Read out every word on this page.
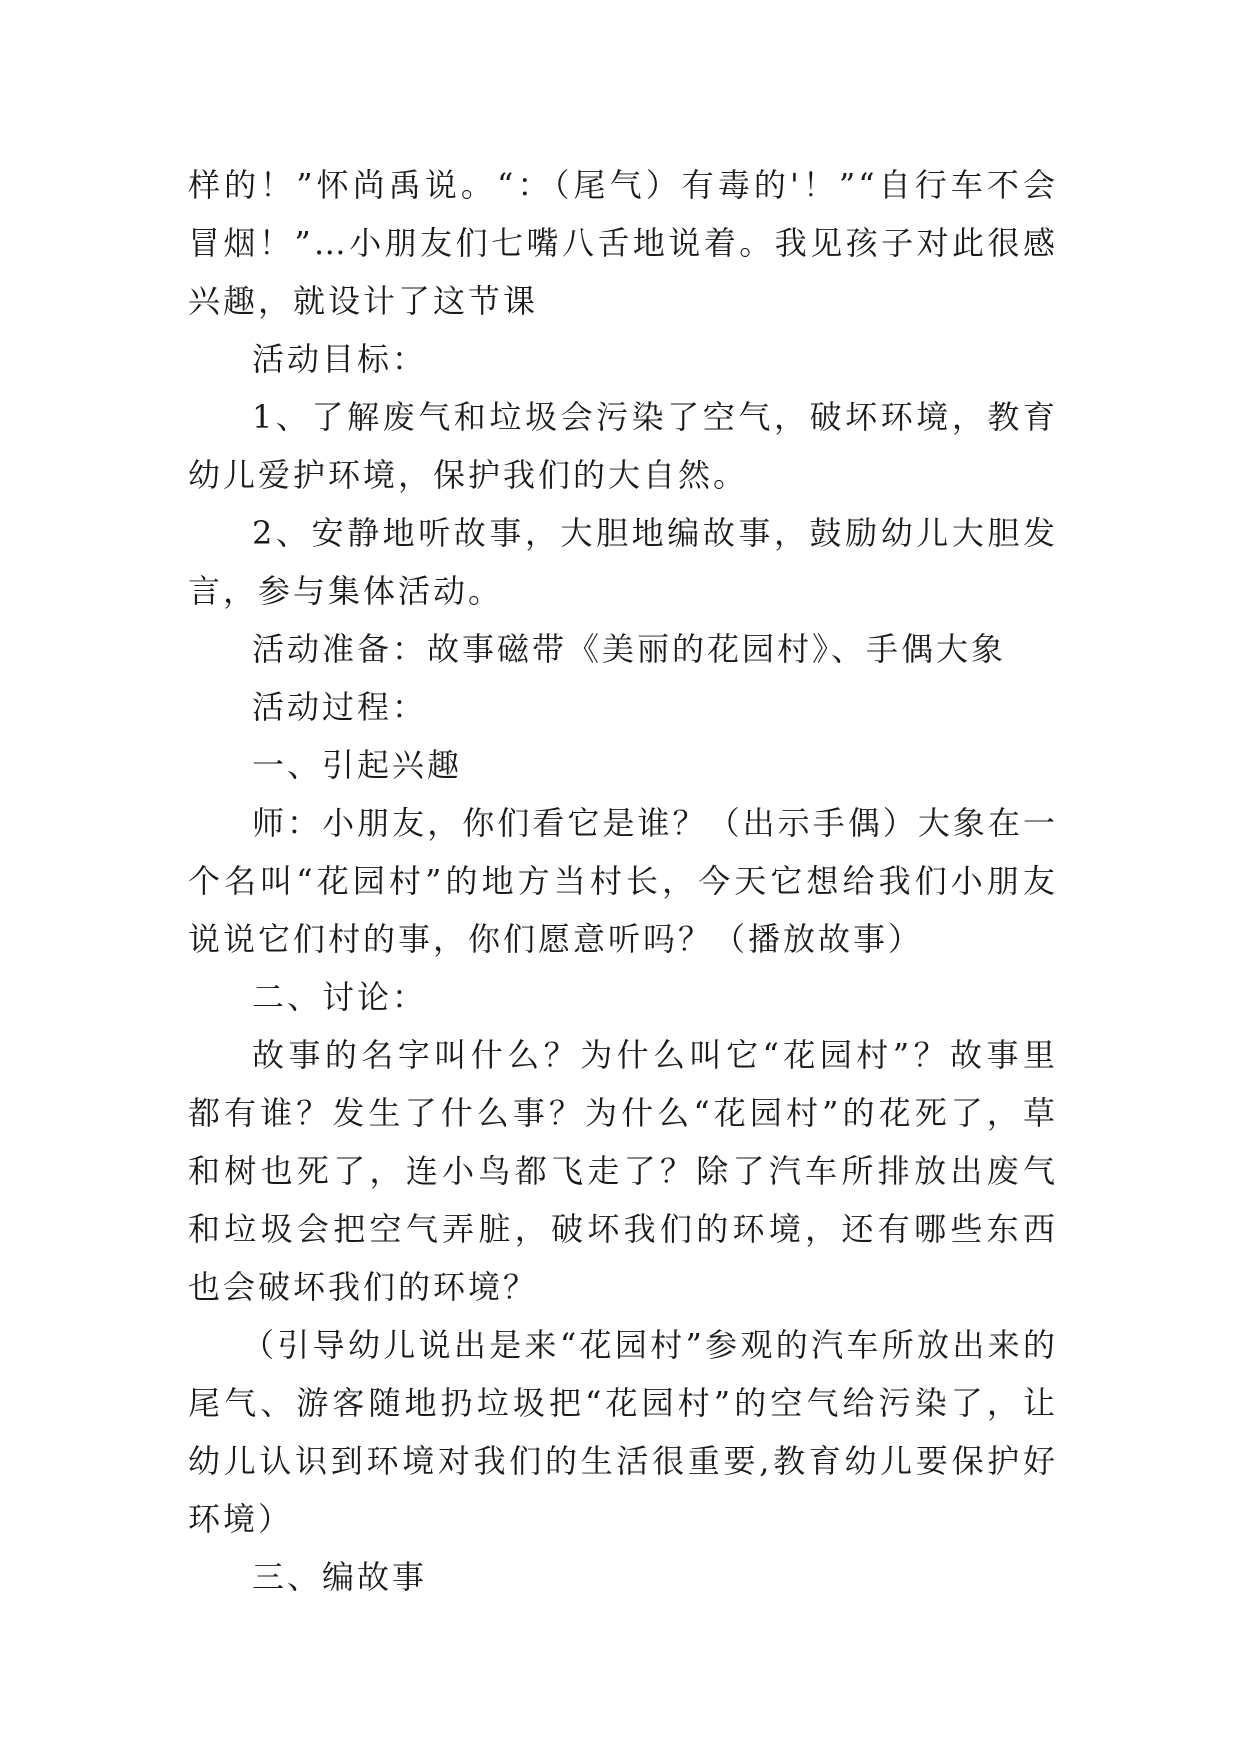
样的！”怀尚禹说。“：（尾气）有毒的'！”“自行车不会冒烟！”…小朋友们七嘴八舌地说着。我见孩子对此很感兴趣，就设计了这节课

活动目标：

1、了解废气和垃圾会污染了空气，破坏环境，教育幼儿爱护环境，保护我们的大自然。

2、安静地听故事，大胆地编故事，鼓励幼儿大胆发言，参与集体活动。

活动准备：故事磁带《美丽的花园村》、手偶大象

活动过程：

一、引起兴趣

师：小朋友，你们看它是谁？（出示手偶）大象在一个名叫“花园村”的地方当村长，今天它想给我们小朋友说说它们村的事，你们愿意听吗？（播放故事）

二、讨论：

故事的名字叫什么？为什么叫它“花园村”？故事里都有谁？发生了什么事？为什么“花园村”的花死了，草和树也死了，连小鸟都飞走了？除了汽车所排放出废气和垃圾会把空气弄脏，破坏我们的环境，还有哪些东西也会破坏我们的环境？

（引导幼儿说出是来“花园村”参观的汽车所放出来的尾气、游客随地扔垃圾把“花园村”的空气给污染了，让幼儿认识到环境对我们的生活很重要,教育幼儿要保护好环境）

三、编故事
